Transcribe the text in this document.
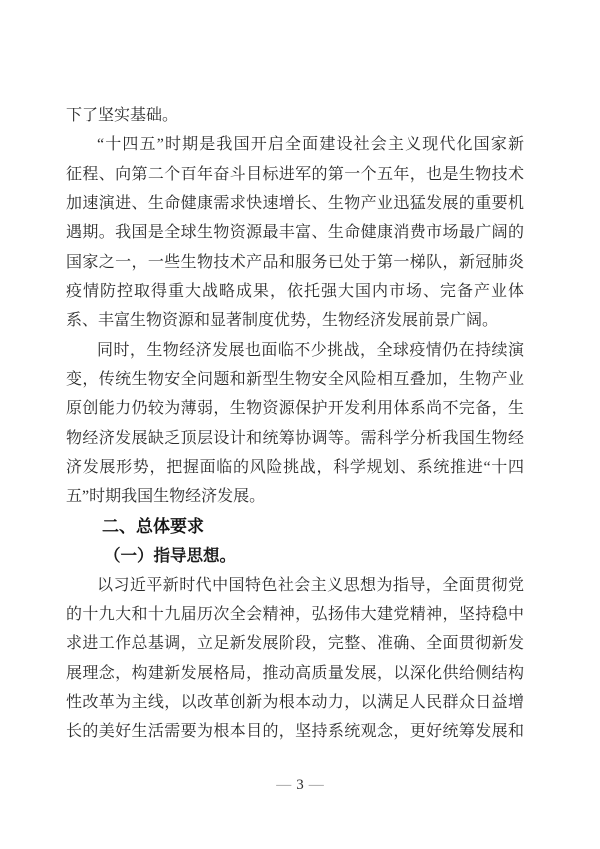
下了坚实基础。
“十四五”时期是我国开启全面建设社会主义现代化国家新
征程、向第二个百年奋斗目标进军的第一个五年，也是生物技术
加速演进、生命健康需求快速增长、生物产业迅猛发展的重要机
遇期。我国是全球生物资源最丰富、生命健康消费市场最广阔的
国家之一，一些生物技术产品和服务已处于第一梯队，新冠肺炎
疫情防控取得重大战略成果，依托强大国内市场、完备产业体
系、丰富生物资源和显著制度优势，生物经济发展前景广阔。
同时，生物经济发展也面临不少挑战，全球疫情仍在持续演
变，传统生物安全问题和新型生物安全风险相互叠加，生物产业
原创能力仍较为薄弱，生物资源保护开发利用体系尚不完备，生
物经济发展缺乏顶层设计和统筹协调等。需科学分析我国生物经
济发展形势，把握面临的风险挑战，科学规划、系统推进“十四
五”时期我国生物经济发展。
二、总体要求
（一）指导思想。
以习近平新时代中国特色社会主义思想为指导，全面贯彻党
的十九大和十九届历次全会精神，弘扬伟大建党精神，坚持稳中
求进工作总基调，立足新发展阶段，完整、准确、全面贯彻新发
展理念，构建新发展格局，推动高质量发展，以深化供给侧结构
性改革为主线，以改革创新为根本动力，以满足人民群众日益增
长的美好生活需要为根本目的，坚持系统观念，更好统筹发展和
— 3 —
